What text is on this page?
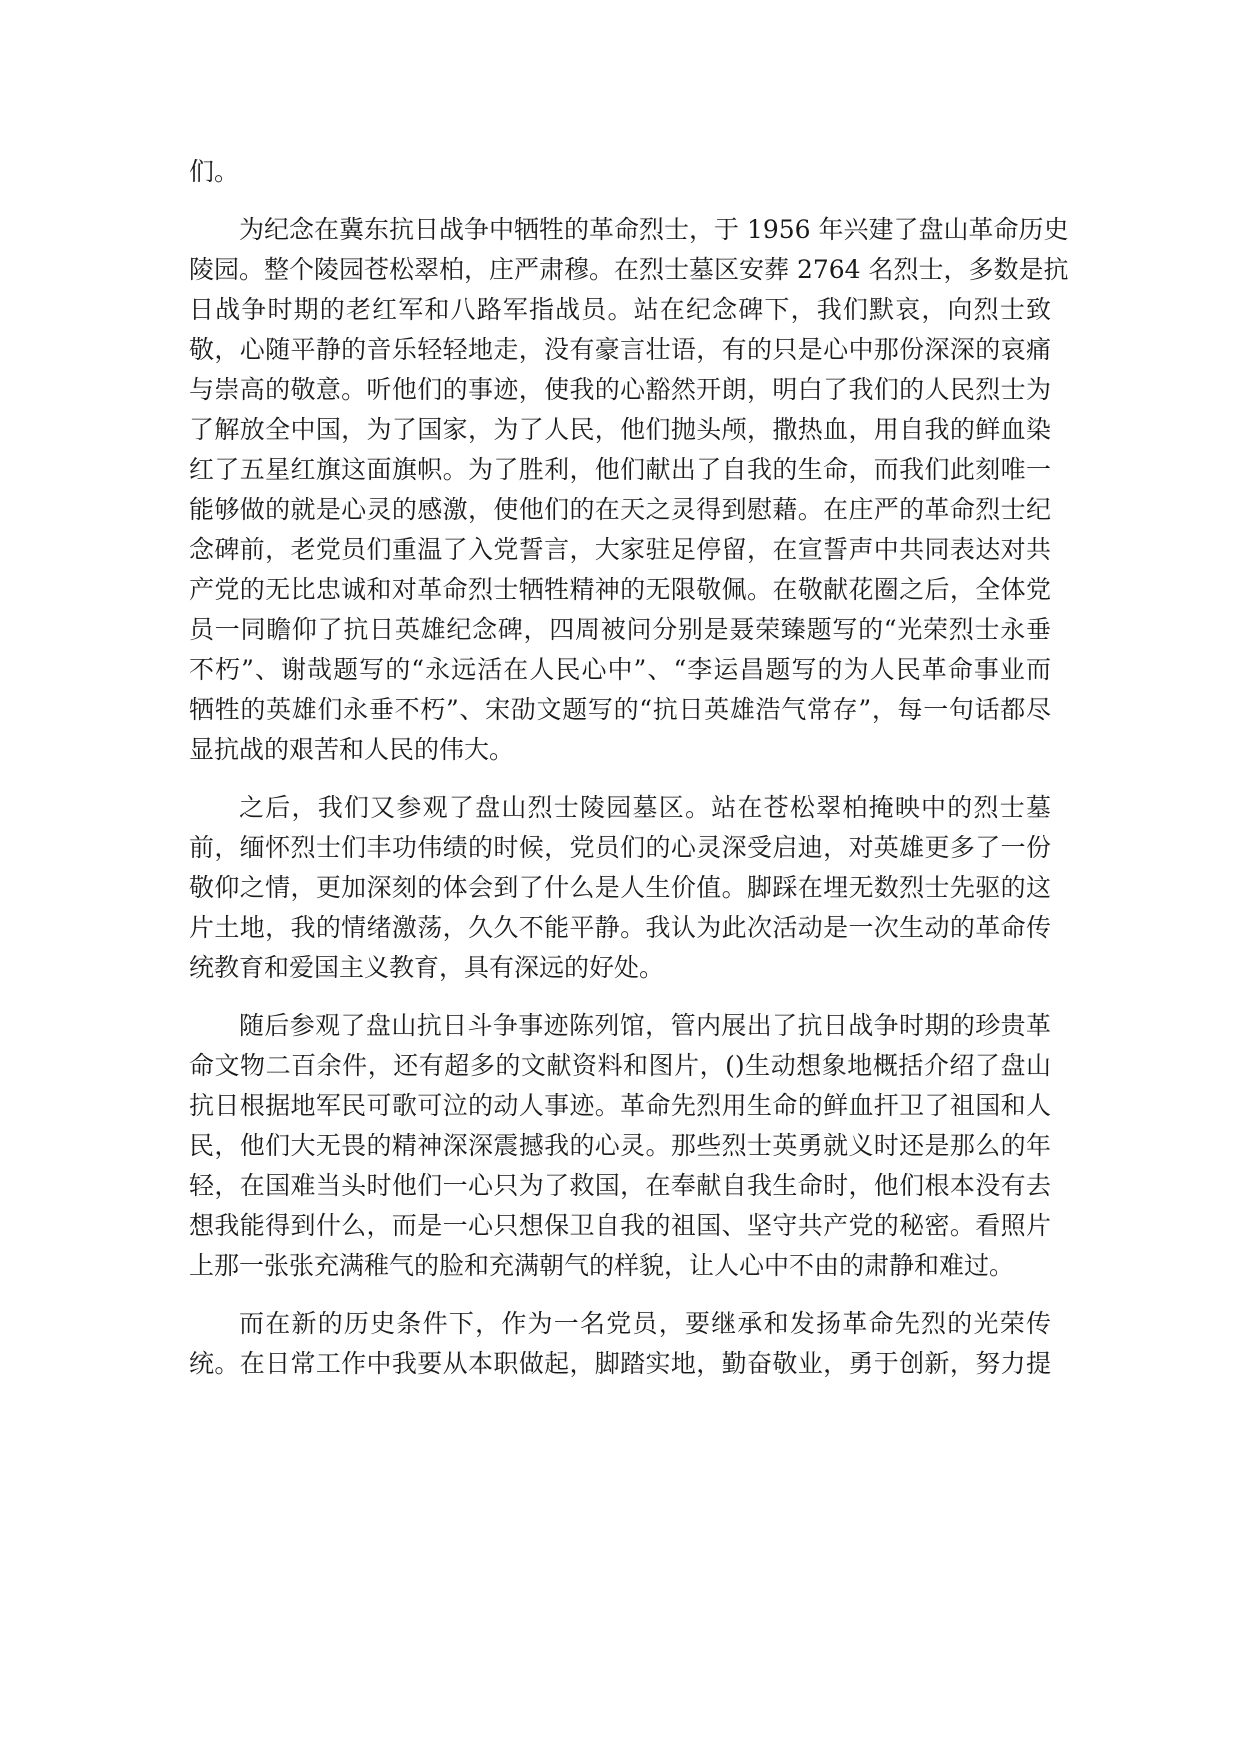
们。
为纪念在冀东抗日战争中牺牲的革命烈士，于 1956 年兴建了盘山革命历史
陵园。整个陵园苍松翠柏，庄严肃穆。在烈士墓区安葬 2764 名烈士，多数是抗
日战争时期的老红军和八路军指战员。站在纪念碑下，我们默哀，向烈士致
敬，心随平静的音乐轻轻地走，没有豪言壮语，有的只是心中那份深深的哀痛
与崇高的敬意。听他们的事迹，使我的心豁然开朗，明白了我们的人民烈士为
了解放全中国，为了国家，为了人民，他们抛头颅，撒热血，用自我的鲜血染
红了五星红旗这面旗帜。为了胜利，他们献出了自我的生命，而我们此刻唯一
能够做的就是心灵的感激，使他们的在天之灵得到慰藉。在庄严的革命烈士纪
念碑前，老党员们重温了入党誓言，大家驻足停留，在宣誓声中共同表达对共
产党的无比忠诚和对革命烈士牺牲精神的无限敬佩。在敬献花圈之后，全体党
员一同瞻仰了抗日英雄纪念碑，四周被问分别是聂荣臻题写的“光荣烈士永垂
不朽”、谢哉题写的“永远活在人民心中”、“李运昌题写的为人民革命事业而
牺牲的英雄们永垂不朽”、宋劭文题写的“抗日英雄浩气常存”，每一句话都尽
显抗战的艰苦和人民的伟大。
之后，我们又参观了盘山烈士陵园墓区。站在苍松翠柏掩映中的烈士墓
前，缅怀烈士们丰功伟绩的时候，党员们的心灵深受启迪，对英雄更多了一份
敬仰之情，更加深刻的体会到了什么是人生价值。脚踩在埋无数烈士先驱的这
片土地，我的情绪激荡，久久不能平静。我认为此次活动是一次生动的革命传
统教育和爱国主义教育，具有深远的好处。
随后参观了盘山抗日斗争事迹陈列馆，管内展出了抗日战争时期的珍贵革
命文物二百余件，还有超多的文献资料和图片，()生动想象地概括介绍了盘山
抗日根据地军民可歌可泣的动人事迹。革命先烈用生命的鲜血扞卫了祖国和人
民，他们大无畏的精神深深震撼我的心灵。那些烈士英勇就义时还是那么的年
轻，在国难当头时他们一心只为了救国，在奉献自我生命时，他们根本没有去
想我能得到什么，而是一心只想保卫自我的祖国、坚守共产党的秘密。看照片
上那一张张充满稚气的脸和充满朝气的样貌，让人心中不由的肃静和难过。
而在新的历史条件下，作为一名党员，要继承和发扬革命先烈的光荣传
统。在日常工作中我要从本职做起，脚踏实地，勤奋敬业，勇于创新，努力提
